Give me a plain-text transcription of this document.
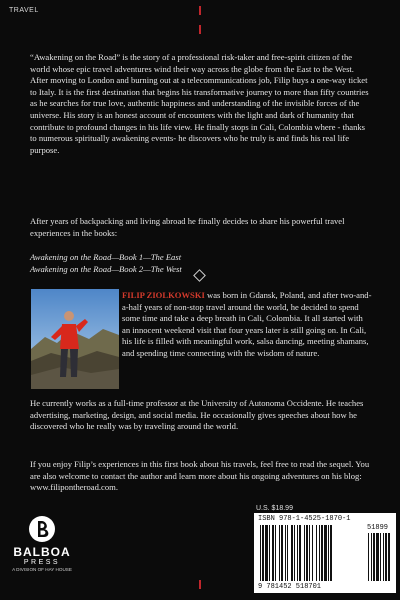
TRAVEL

“Awakening on the Road” is the story of a professional risk-taker and free-spirit citizen of the world whose epic travel adventures wind their way across the globe from the East to the West. After moving to London and burning out at a telecommunications job, Filip buys a one-way ticket to Italy. It is the first destination that begins his transformative journey to more than fifty countries as he searches for true love, authentic happiness and understanding of the invisible forces of the universe. His story is an honest account of encounters with the light and dark of humanity that contribute to profound changes in his life view. He finally stops in Cali, Colombia where - thanks to numerous spiritually awakening events- he discovers who he truly is and finds his real life purpose.

After years of backpacking and living abroad he finally decides to share his powerful travel experiences in the books:

Awakening on the Road—Book 1—The East

Awakening on the Road—Book 2—The West

FILIP ZIOLKOWSKI was born in Gdansk, Poland, and after two-and-a-half years of non-stop travel around the world, he decided to spend some time and take a deep breath in Cali, Colombia. It all started with an innocent weekend visit that four years later is still going on. In Cali, his life is filled with meaningful work, salsa dancing, meeting shamans, and spending time connecting with the wisdom of nature.

He currently works as a full-time professor at the University of Autonoma Occidente. He teaches advertising, marketing, design, and social media. He occasionally gives speeches about how he discovered who he really was by traveling around the world.

If you enjoy Filip’s experiences in this first book about his travels, feel free to read the sequel. You are also welcome to contact the author and learn more about his ongoing adventures on his blog: www.filipontheroad.com.

BALBOA
PRESS
A DIVISION OF HAY HOUSE
U.S. $18.99
ISBN 978-1-4525-1870-1
51899
9 781452 518701
